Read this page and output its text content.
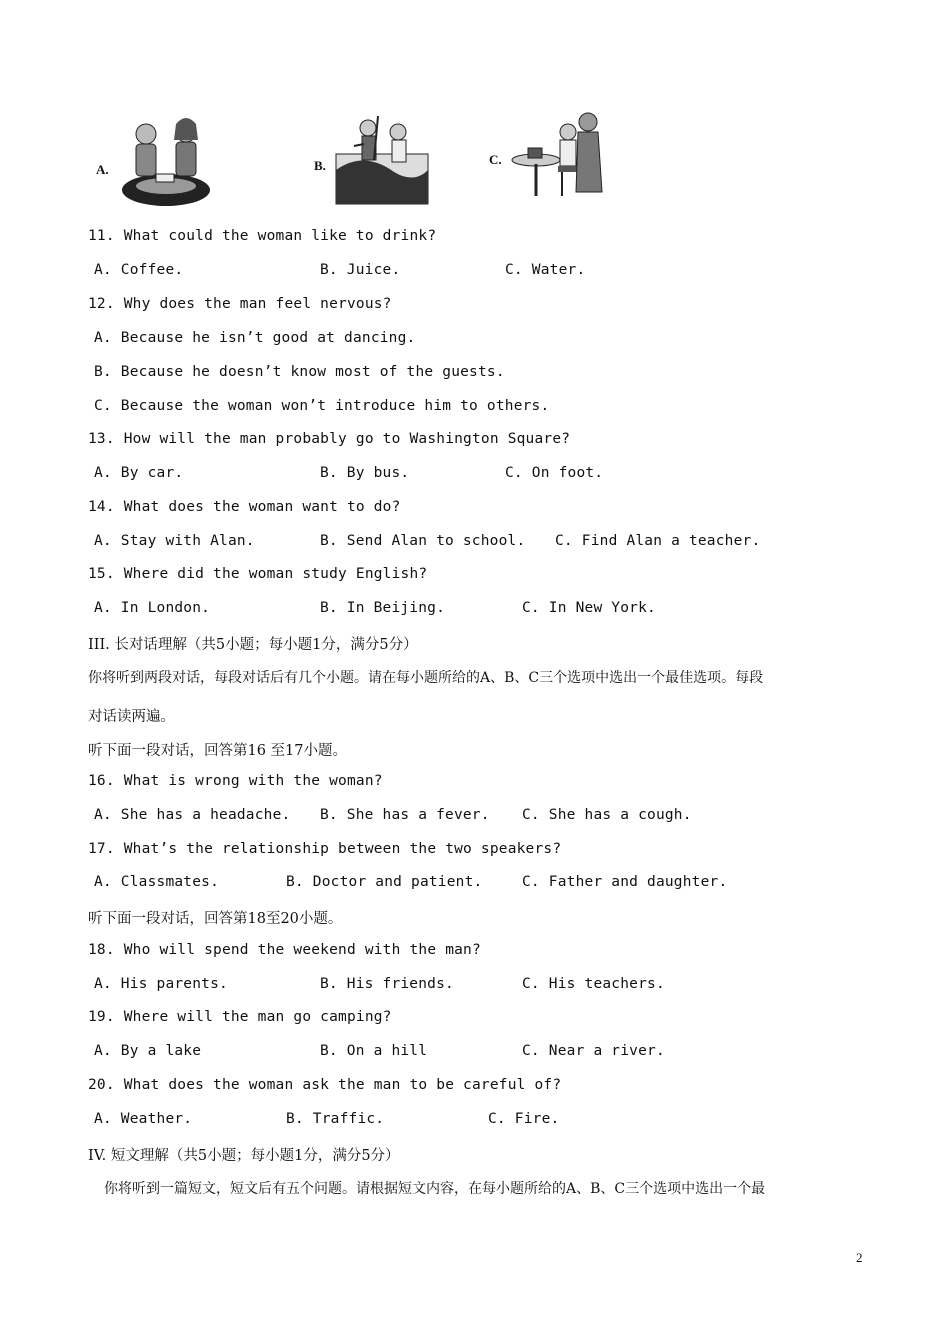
A.	B.	C.
11. What could the woman like to drink?
A. Coffee.	B. Juice.	C. Water.
12. Why does the man feel nervous?
A. Because he isn’t good at dancing.
B. Because he doesn’t know most of the guests.
C. Because the woman won’t introduce him to others.
13. How will the man probably go to Washington Square?
A. By car.	B. By bus.	C. On foot.
14. What does the woman want to do?
A. Stay with Alan.	B. Send Alan to school. C. Find Alan a teacher.
15. Where did the woman study English?
A. In London.	B. In Beijing.	C. In New York.
III. 长对话理解（共5小题；每小题1分，满分5分）
你将听到两段对话，每段对话后有几个小题。请在每小题所给的A、B、C三个选项中选出一个最佳选项。每段
对话读两遍。
听下面一段对话，回答第16 至17小题。
16. What is wrong with the woman?
A. She has a headache. B. She has a fever. C. She has a cough.
17. What’s the relationship between the two speakers?
A. Classmates.	B. Doctor and patient.	C. Father and daughter.
听下面一段对话，回答第18至20小题。
18. Who will spend the weekend with the man?
A. His parents.	B. His friends.	C. His teachers.
19. Where will the man go camping?
A. By a lake	B. On a hill	C. Near a river.
20. What does the woman ask the man to be careful of?
A. Weather.	B. Traffic.	C. Fire.
IV. 短文理解（共5小题；每小题1分，满分5分）
你将听到一篇短文，短文后有五个问题。请根据短文内容，在每小题所给的A、B、C三个选项中选出一个最
2
